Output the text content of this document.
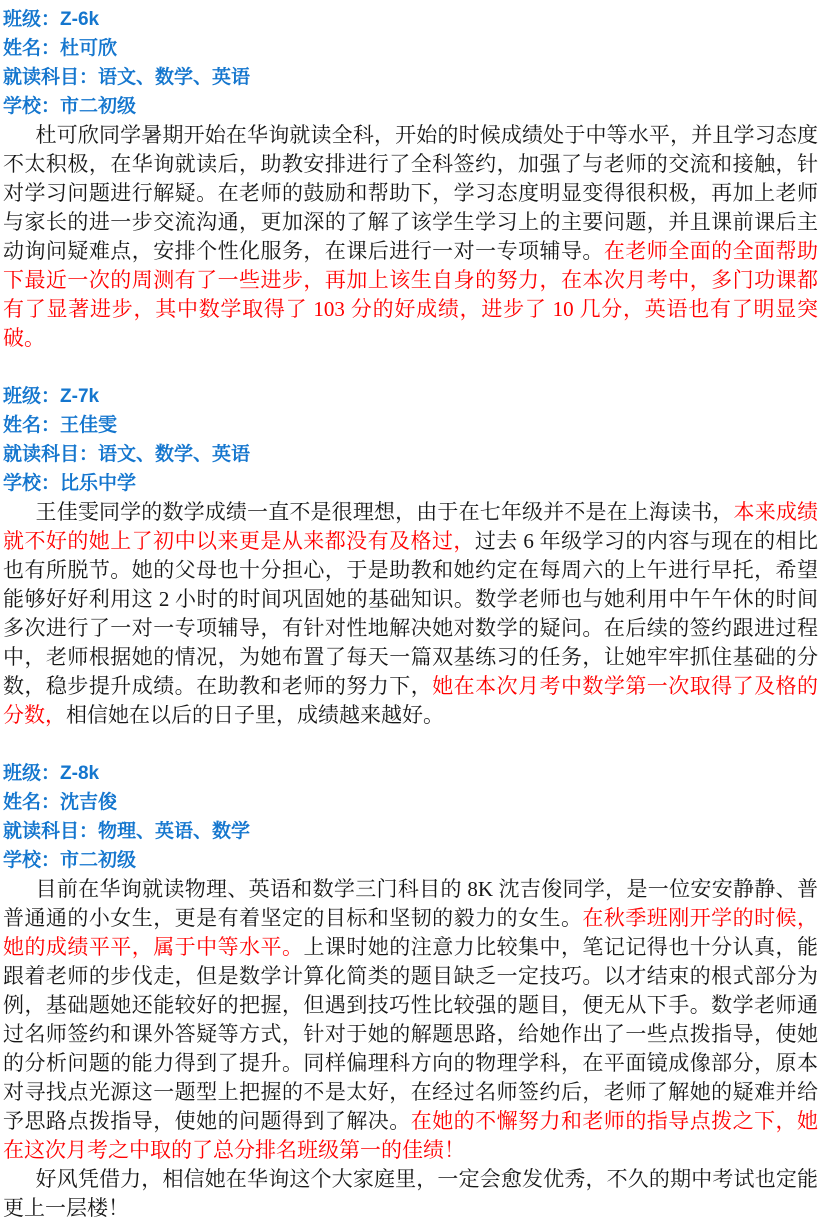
班级：Z-6k
姓名：杜可欣
就读科目：语文、数学、英语
学校：市二初级

杜可欣同学暑期开始在华询就读全科，开始的时候成绩处于中等水平，并且学习态度不太积极，在华询就读后，助教安排进行了全科签约，加强了与老师的交流和接触，针对学习问题进行解疑。在老师的鼓励和帮助下，学习态度明显变得很积极，再加上老师与家长的进一步交流沟通，更加深的了解了该学生学习上的主要问题，并且课前课后主动询问疑难点，安排个性化服务，在课后进行一对一专项辅导。在老师全面的全面帮助下最近一次的周测有了一些进步，再加上该生自身的努力，在本次月考中，多门功课都有了显著进步，其中数学取得了 103 分的好成绩，进步了 10 几分，英语也有了明显突破。

班级：Z-7k
姓名：王佳雯
就读科目：语文、数学、英语
学校：比乐中学

王佳雯同学的数学成绩一直不是很理想，由于在七年级并不是在上海读书，本来成绩就不好的她上了初中以来更是从来都没有及格过，过去 6 年级学习的内容与现在的相比也有所脱节。她的父母也十分担心，于是助教和她约定在每周六的上午进行早托，希望能够好好利用这 2 小时的时间巩固她的基础知识。数学老师也与她利用中午午休的时间多次进行了一对一专项辅导，有针对性地解决她对数学的疑问。在后续的签约跟进过程中，老师根据她的情况，为她布置了每天一篇双基练习的任务，让她牢牢抓住基础的分数，稳步提升成绩。在助教和老师的努力下，她在本次月考中数学第一次取得了及格的分数，相信她在以后的日子里，成绩越来越好。

班级：Z-8k
姓名：沈吉俊
就读科目：物理、英语、数学
学校：市二初级

目前在华询就读物理、英语和数学三门科目的 8K 沈吉俊同学，是一位安安静静、普普通通的小女生，更是有着坚定的目标和坚韧的毅力的女生。在秋季班刚开学的时候，她的成绩平平，属于中等水平。上课时她的注意力比较集中，笔记记得也十分认真，能跟着老师的步伐走，但是数学计算化简类的题目缺乏一定技巧。以才结束的根式部分为例，基础题她还能较好的把握，但遇到技巧性比较强的题目，便无从下手。数学老师通过名师签约和课外答疑等方式，针对于她的解题思路，给她作出了一些点拨指导，使她的分析问题的能力得到了提升。同样偏理科方向的物理学科，在平面镜成像部分，原本对寻找点光源这一题型上把握的不是太好，在经过名师签约后，老师了解她的疑难并给予思路点拨指导，使她的问题得到了解决。在她的不懈努力和老师的指导点拨之下，她在这次月考之中取的了总分排名班级第一的佳绩！

好风凭借力，相信她在华询这个大家庭里，一定会愈发优秀，不久的期中考试也定能更上一层楼！
